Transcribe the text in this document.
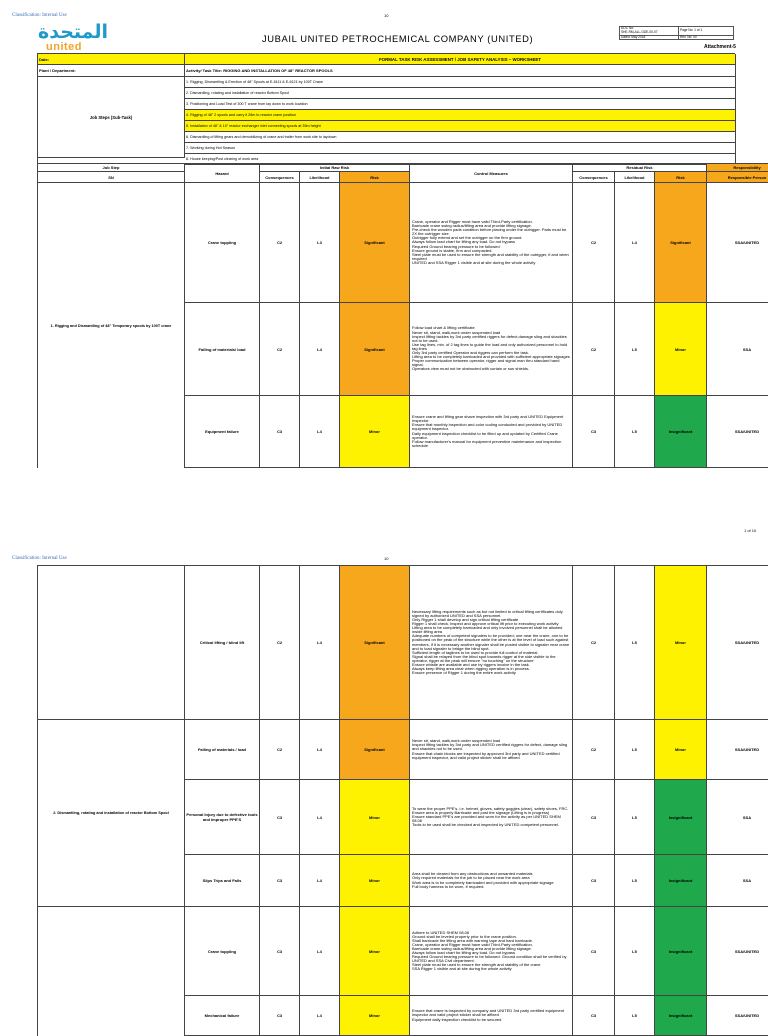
Classification: Internal Use	10
المتحدة
united
JUBAIL UNITED PETROCHEMICAL COMPANY (UNITED)
DOC No:
SHE-RM-ALL-GDE-00-07	Page No: 1 of 1
Dated: May 2018	Rev. No: 00
Attachment-5
Date:	FORMAL TASK RISK ASSESSMENT / JOB SAFETY ANALYSIS – WORKSHEET
Plant / Department:	Activity/ Task Title: RIGGING AND INSTALLATION OF 48" REACTOR SPOOLS
Job Steps (Sub-Task)
1. Rigging, Dismantling & Erection of 48" Spools at E-6111 & E-6121 by 100T Crane
2. Dismantling, rotating and installation of reactor Bottom Spool
3. Positioning and Load Test of 300 T crane from lay down to work location
4. Rigging of 48" 2 spools and carry it 28m to reactor crane position
5. Installation of 48" & 10" reactor exchanger inlet connecting spools at 35m height
6. Dismantling of lifting gears and demobilizing of crane and trailer from work site to laydown
7. Working during Hot Season
8. House keeping/Post clearing of work area
Job Step
Hazard
Initial Raw Risk
Control Measures
Residual Risk	Responsibility
SN	Consequences	Likelihood	Risk	Consequences	Likelihood	Risk	Responsible Person
1. Rigging and Dismantling of 48" Temporary spools by 100T crane
Crane toppling	C2	L3	Significant
Crane, operator and Rigger must have valid Third-Party certification.
Barricade crane swing radius/lifting area and provide lifting signage.
Pre-check the wooden pads condition before placing under the outrigger. Pads must be 2X the outrigger size
Outrigger fully extend and set the outrigger on the firm ground.
Always follow load chart for lifting any load. Do not bypass
Required Ground bearing pressure to be followed
Ensure ground is stable, firm and compacted.
Steel plate must be used to ensure the strength and stability of the outrigger, if and when required
UNITED and SSA Rigger 1 visible and at site during the whole activity
C2	L4	Significant	SSA/UNITED
Falling of materials/ load	C2	L4	Significant
Follow load chart & lifting certificate
Never sit, stand, walk,work under suspended load
Inspect lifting tackles by 3rd party certified riggers for defect,damage sling and shackles not to be used.
Use tag lines, min. of 2 tag lines to guide the load and only authorized personnel to hold tag lines
Only 3rd party certified Operator and riggers can perform the task.
Lifting area to be completely barricaded and provided with sufficient appropriate signages
Proper communication between operator, rigger and signal man thru standard hand signal.
Operators view must not be obstructed with curtain or sun shields.
C2	L5	Minor	SSA
Equipment failure	C3	L4	Minor
Ensure crane and lifting gear shave inspection with 3rd party and UNITED Equipment Inspector.
Ensure that monthly inspection and color coding conducted and provided by UNITED equipment inspector.
Daily equipment inspection checklist to be filled up and updated by Certified Crane operator.
Follow manufacturer's manual for equipment preventive maintenance and inspection schedule
C3	L5	Insignificant	SSA/UNITED
1 of 10
Classification: Internal Use	10
2. Dismantling, rotating and installation of reactor Bottom Spool
Critical lifting / blind lift	C2	L4	Significant
Necessary lifting requirements such as but not limited to critical lifting certificates duly signed by authorized UNITED and SSA personnel.
Only Rigger 1 shall develop and sign critical lifting certificate
Rigger 1 shall check, inspect and approve critical lift prior to executing work activity
Lifting area to be completely barricaded and only involved personnel shall be allowed inside lifting area
Adequate numbers of competent signalers to be provided; one near the crane, one to be positioned on the peak of the structure while the other is at the level of load such against members, if it is necessary another signaler shall be posted visible to signaler near crane and to load signaler to bridge the blind spot.
Sufficient length of taglines to be used to provide full control of material
Signal shall be relayed from the blind spot towards rigger at the side visible to the operator, rigger at the peak will ensure "no touching" on the structure
Ensure whistle are available and use by riggers involve in the task
Always keep lifting area clear when rigging operation is in process.
Ensure presence of Rigger 1 during the entire work activity
C2	L5	Minor	SSA/UNITED
Falling of materials / load	C2	L4	Significant
Never sit, stand, walk,work under suspended load
Inspect lifting tackles by 3rd party and UNITED certified riggers for defect, damage sling and shackles not to be used.
Ensure that chain blocks are inspected by approved 3rd party and UNITED certified equipment inspector, and valid project sticker shall be affixed
C2	L5	Minor	SSA/UNITED
Personal Injury due to defective tools and improper PPE'S	C3	L4	Minor
To wear the proper PPE's. i.e. helmet, gloves, safety goggles (clear), safety shoes, FRC.
Ensure area is properly Barricade and post the signage (Lifting is in progress)
Ensure standard PPE's are provided and worn for the activity as per UNITED SHEM 08.06
Tools to be used shall be checked and inspected by UNITED competent personnel.
C3	L5	Insignificant	SSA
Slips Trips and Falls	C3	L4	Minor
Area shall be cleared from any obstructions and unwanted materials
Only required materials for the job to be placed near the work area
Work area is to be completely barricaded and provided with appropriate signage
Full body harness to be worn, if required.
C3	L5	Insignificant	SSA
Crane toppling	C3	L4	Minor
Adhere to UNITED SHEM 08.06
Ground shall be leveled properly prior to the crane position.
Shall barricade the lifting area with warning tape and hard barricade.
Crane, operator and Rigger must have valid Third-Party certification.
Barricade crane swing radius/lifting area and provide lifting signage.
Always follow load chart for lifting any load. Do not bypass
Required Ground bearing pressure to be followed. Ground condition shall be verified by UNITED and SSA Civil department.
Steel plate must be used to ensure the strength and stability of the crane
SSA Rigger 1 visible and at site during the whole activity
C3	L5	Insignificant	SSA/UNITED
Mechanical failure	C3	L4	Minor
Ensure that crane is inspected by company and UNITED 3rd party certified equipment inspector and valid project sticker shall be affixed
Equipment daily inspection checklist to be secured
C3	L5	Insignificant	SSA/UNITED
